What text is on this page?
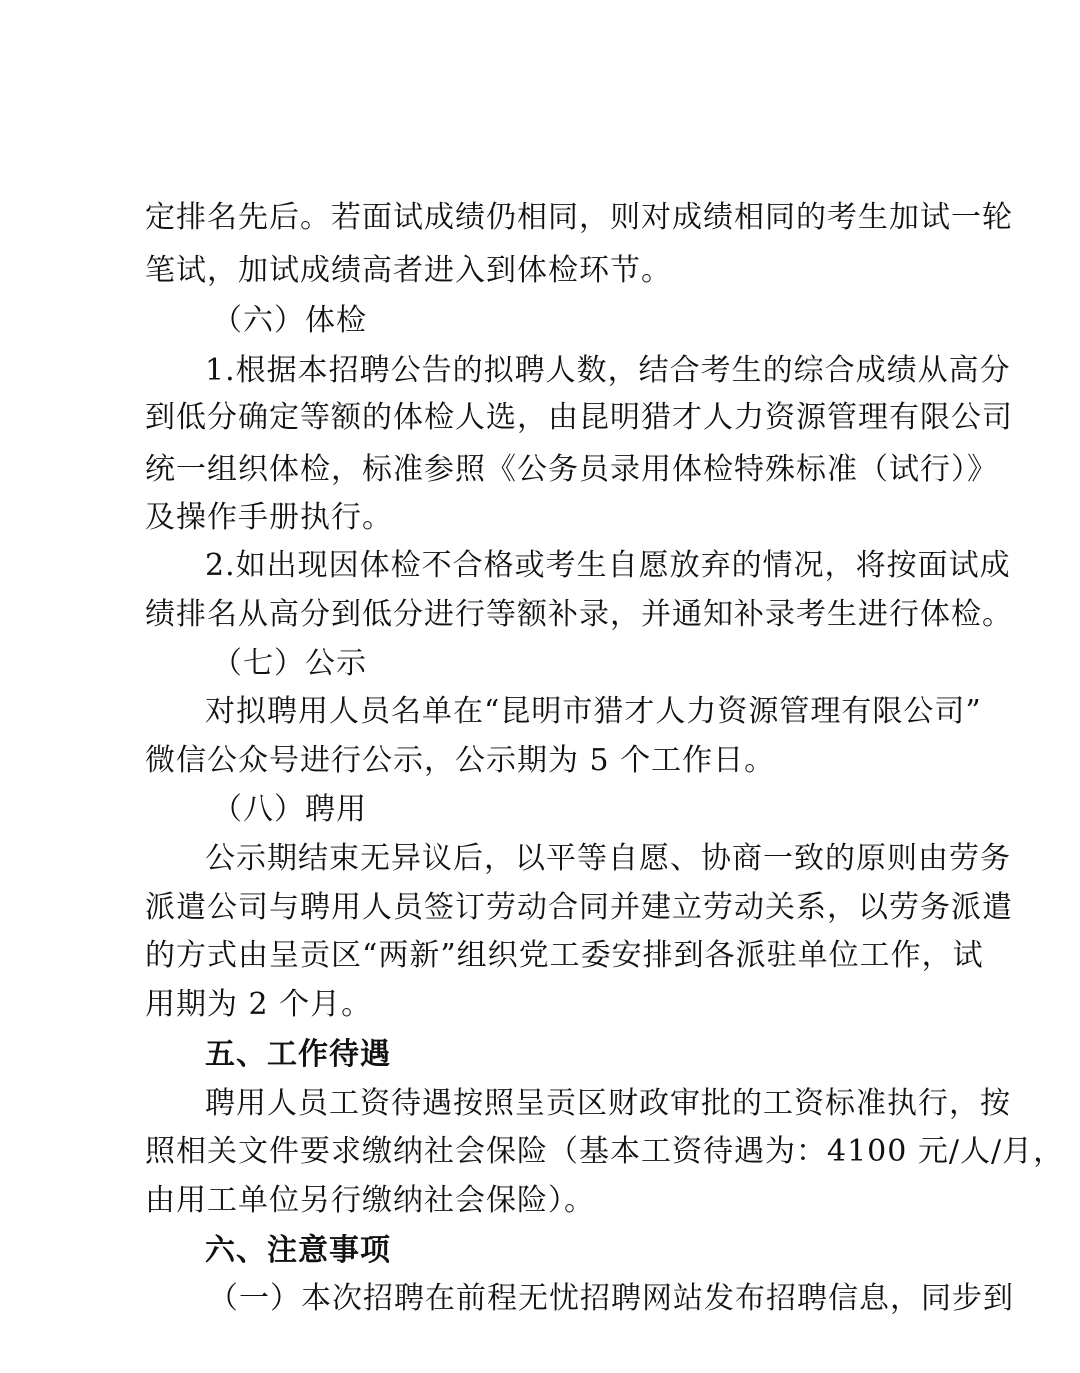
定排名先后。若面试成绩仍相同，则对成绩相同的考生加试一轮
笔试，加试成绩高者进入到体检环节。
（六）体检
1.根据本招聘公告的拟聘人数，结合考生的综合成绩从高分
到低分确定等额的体检人选，由昆明猎才人力资源管理有限公司
统一组织体检，标准参照《公务员录用体检特殊标准（试行）》
及操作手册执行。
2.如出现因体检不合格或考生自愿放弃的情况，将按面试成
绩排名从高分到低分进行等额补录，并通知补录考生进行体检。
（七）公示
对拟聘用人员名单在“昆明市猎才人力资源管理有限公司”
微信公众号进行公示，公示期为 5 个工作日。
（八）聘用
公示期结束无异议后，以平等自愿、协商一致的原则由劳务
派遣公司与聘用人员签订劳动合同并建立劳动关系，以劳务派遣
的方式由呈贡区“两新”组织党工委安排到各派驻单位工作，试
用期为 2 个月。
五、工作待遇
聘用人员工资待遇按照呈贡区财政审批的工资标准执行，按
照相关文件要求缴纳社会保险（基本工资待遇为：4100 元/人/月，
由用工单位另行缴纳社会保险）。
六、注意事项
（一）本次招聘在前程无忧招聘网站发布招聘信息，同步到
